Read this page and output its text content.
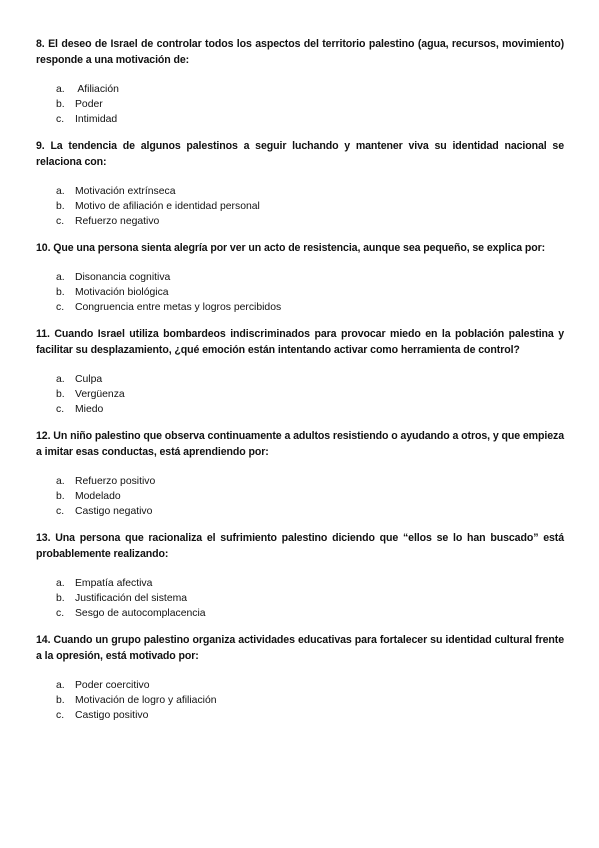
8. El deseo de Israel de controlar todos los aspectos del territorio palestino (agua, recursos, movimiento) responde a una motivación de:

a. Afiliación
b. Poder
c.	Intimidad

9. La tendencia de algunos palestinos a seguir luchando y mantener viva su identidad nacional se relaciona con:

a. Motivación extrínseca
b. Motivo de afiliación e identidad personal
c.	Refuerzo negativo

10. Que una persona sienta alegría por ver un acto de resistencia, aunque sea pequeño, se explica por:

a. Disonancia cognitiva
b. Motivación biológica
c.	Congruencia entre metas y logros percibidos

11. Cuando Israel utiliza bombardeos indiscriminados para provocar miedo en la población palestina y facilitar su desplazamiento, ¿qué emoción están intentando activar como herramienta de control?

a. Culpa
b. Vergüenza
c.	Miedo

12. Un niño palestino que observa continuamente a adultos resistiendo o ayudando a otros, y que empieza a imitar esas conductas, está aprendiendo por:

a. Refuerzo positivo
b. Modelado
c.	Castigo negativo

13. Una persona que racionaliza el sufrimiento palestino diciendo que “ellos se lo han buscado” está probablemente realizando:

a. Empatía afectiva
b. Justificación del sistema
c.	Sesgo de autocomplacencia

14. Cuando un grupo palestino organiza actividades educativas para fortalecer su identidad cultural frente a la opresión, está motivado por:

a. Poder coercitivo
b. Motivación de logro y afiliación
c.	Castigo positivo
